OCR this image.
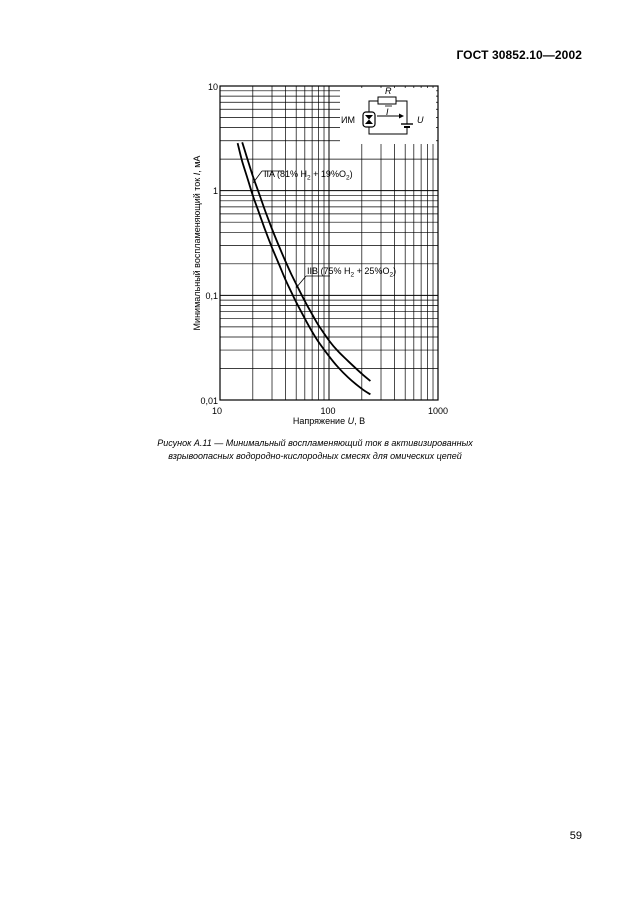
ГОСТ 30852.10—2002
R
I
ИМ	U
IIA (81% $H_2 + 19\%O_2$)
IIB (75% $H_2 + 25\%O_2$)
10	100	1000
0,01
0,1
1
10
Напряжение U, В
Минимальный воспламеняющий ток I, мА
Рисунок А.11 — Минимальный воспламеняющий ток в активизированных
взрывоопасных водородно-кислородных смесях для омических цепей
59
